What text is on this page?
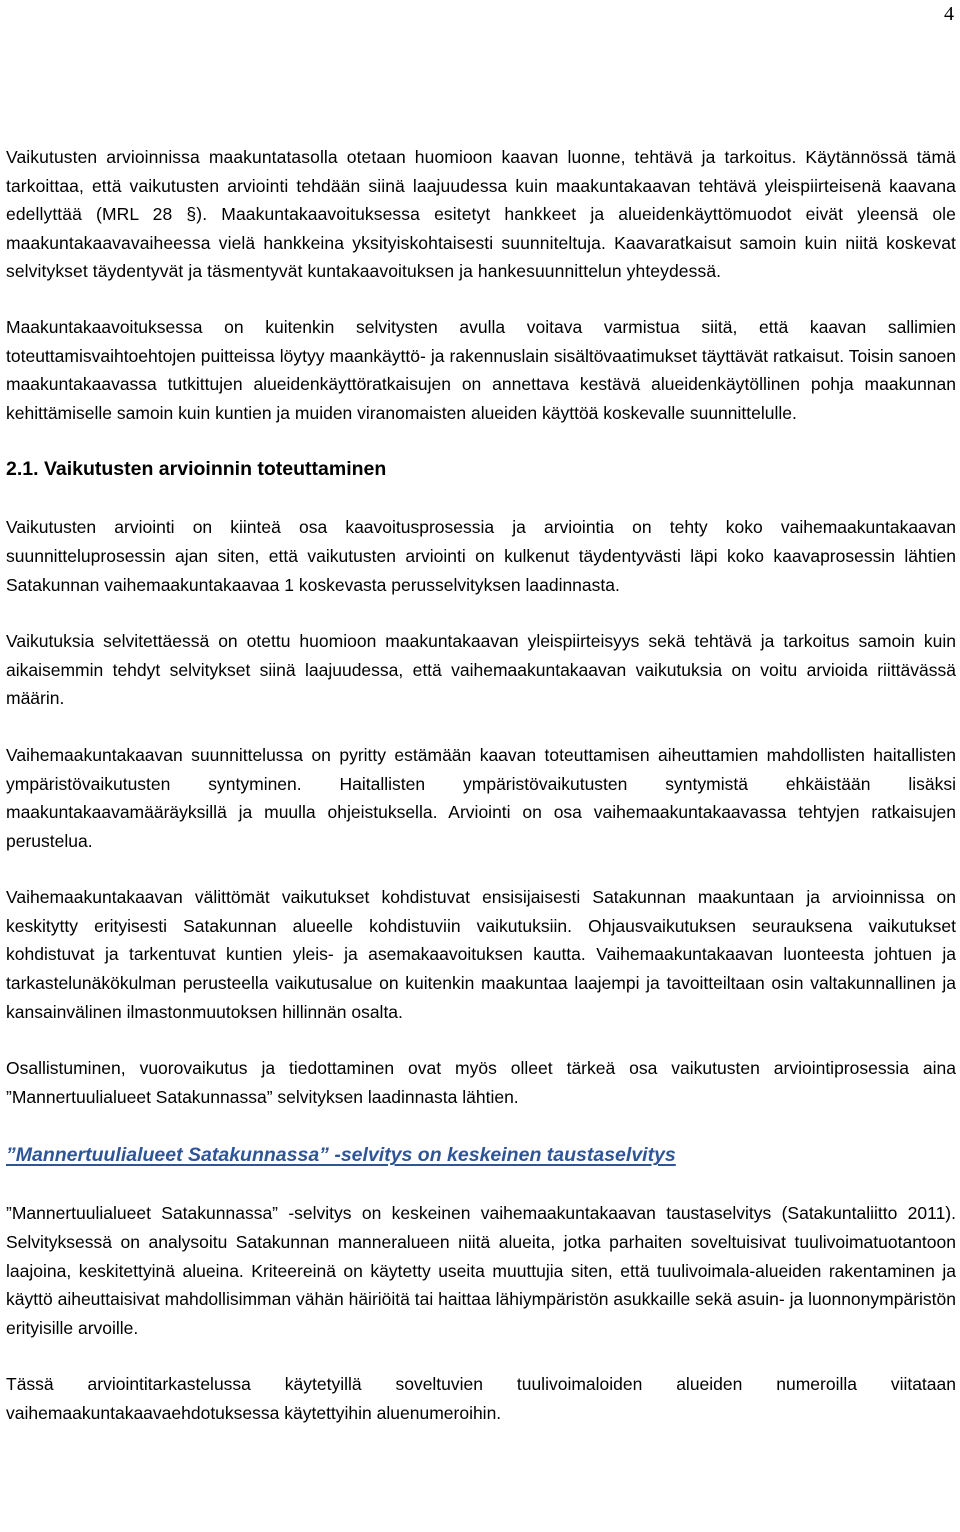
4

Vaikutusten arvioinnissa maakuntatasolla otetaan huomioon kaavan luonne, tehtävä ja tarkoitus. Käytännössä tämä tarkoittaa, että vaikutusten arviointi tehdään siinä laajuudessa kuin maakuntakaavan tehtävä yleispiirteisenä kaavana edellyttää (MRL 28 §). Maakuntakaavoituksessa esitetyt hankkeet ja alueidenkäyttömuodot eivät yleensä ole maakuntakaavavaiheessa vielä hankkeina yksityiskohtaisesti suunniteltuja. Kaavaratkaisut samoin kuin niitä koskevat selvitykset täydentyvät ja täsmentyvät kuntakaavoituksen ja hankesuunnittelun yhteydessä.

Maakuntakaavoituksessa on kuitenkin selvitysten avulla voitava varmistua siitä, että kaavan sallimien toteuttamisvaihtoehtojen puitteissa löytyy maankäyttö- ja rakennuslain sisältövaatimukset täyttävät ratkaisut. Toisin sanoen maakuntakaavassa tutkittujen alueidenkäyttöratkaisujen on annettava kestävä alueidenkäytöllinen pohja maakunnan kehittämiselle samoin kuin kuntien ja muiden viranomaisten alueiden käyttöä koskevalle suunnittelulle.

2.1. Vaikutusten arvioinnin toteuttaminen

Vaikutusten arviointi on kiinteä osa kaavoitusprosessia ja arviointia on tehty koko vaihemaakuntakaavan suunnitteluprosessin ajan siten, että vaikutusten arviointi on kulkenut täydentyvästi läpi koko kaavaprosessin lähtien Satakunnan vaihemaakuntakaavaa 1 koskevasta perusselvityksen laadinnasta.

Vaikutuksia selvitettäessä on otettu huomioon maakuntakaavan yleispiirteisyys sekä tehtävä ja tarkoitus samoin kuin aikaisemmin tehdyt selvitykset siinä laajuudessa, että vaihemaakuntakaavan vaikutuksia on voitu arvioida riittävässä määrin.

Vaihemaakuntakaavan suunnittelussa on pyritty estämään kaavan toteuttamisen aiheuttamien mahdollisten haitallisten ympäristövaikutusten syntyminen. Haitallisten ympäristövaikutusten syntymistä ehkäistään lisäksi maakuntakaavamääräyksillä ja muulla ohjeistuksella. Arviointi on osa vaihemaakuntakaavassa tehtyjen ratkaisujen perustelua.

Vaihemaakuntakaavan välittömät vaikutukset kohdistuvat ensisijaisesti Satakunnan maakuntaan ja arvioinnissa on keskitytty erityisesti Satakunnan alueelle kohdistuviin vaikutuksiin. Ohjausvaikutuksen seurauksena vaikutukset kohdistuvat ja tarkentuvat kuntien yleis- ja asemakaavoituksen kautta. Vaihemaakuntakaavan luonteesta johtuen ja tarkastelunäkökulman perusteella vaikutusalue on kuitenkin maakuntaa laajempi ja tavoitteiltaan osin valtakunnallinen ja kansainvälinen ilmastonmuutoksen hillinnän osalta.

Osallistuminen, vuorovaikutus ja tiedottaminen ovat myös olleet tärkeä osa vaikutusten arviointiprosessia aina ”Mannertuulialueet Satakunnassa” selvityksen laadinnasta lähtien.

”Mannertuulialueet Satakunnassa” -selvitys on keskeinen taustaselvitys

”Mannertuulialueet Satakunnassa” -selvitys on keskeinen vaihemaakuntakaavan taustaselvitys (Satakuntaliitto 2011). Selvityksessä on analysoitu Satakunnan manneralueen niitä alueita, jotka parhaiten soveltuisivat tuulivoimatuotantoon laajoina, keskitettyinä alueina. Kriteereinä on käytetty useita muuttujia siten, että tuulivoimala-alueiden rakentaminen ja käyttö aiheuttaisivat mahdollisimman vähän häiriöitä tai haittaa lähiympäristön asukkaille sekä asuin- ja luonnonympäristön erityisille arvoille.

Tässä arviointitarkastelussa käytetyillä soveltuvien tuulivoimaloiden alueiden numeroilla viitataan vaihemaakuntakaavaehdotuksessa käytettyihin aluenumeroihin.
